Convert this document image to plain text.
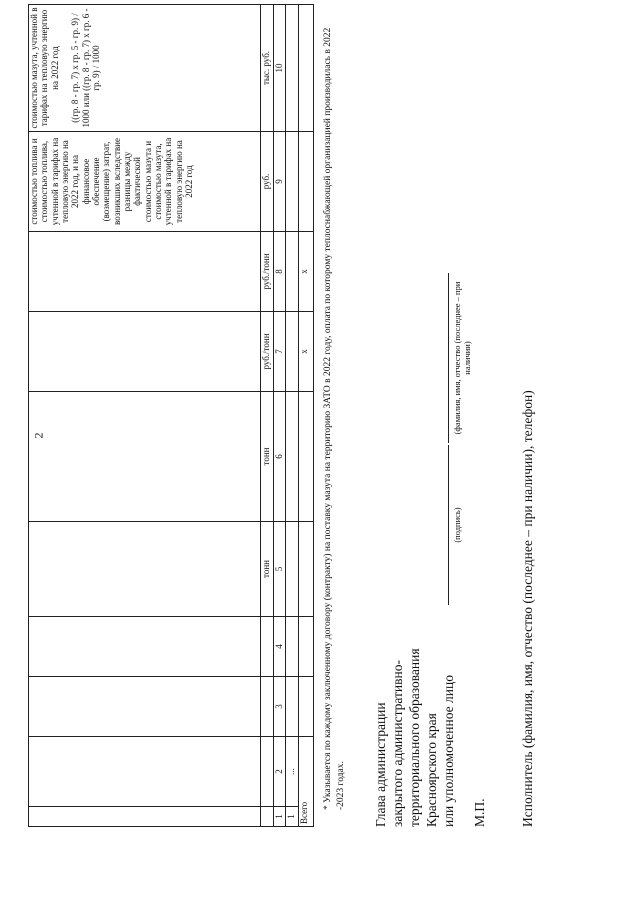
2
								стоимостью топлива и стоимостью топлива, учтенной в тарифах на тепловую энергию на 2022 год, и на финансовое обеспечение (возмещение) затрат, возникших вследствие разницы между фактической стоимостью мазута и стоимостью мазута, учтенной в тарифах на тепловую энергию на 2022 год	стоимостью мазута, учтенной в тарифах на тепловую энергию на 2022 год ((гр. 8 - гр. 7) х гр. 5 - гр. 9) / 1000 или ((гр. 8 - гр. 7) х гр. 6 - гр. 9) / 1000
				тонн	тонн	руб./тонн	руб./тонн	руб.	тыс. руб.
1	2	3	4	5	6	7	8	9	10
1	...								
Всего						x	x		* Указывается по каждому заключенному договору (контракту) на поставку мазута на территорию ЗАТО в 2022 году, оплата по которому теплоснабжающей организацией производилась в 2022 -2023 годах. Глава администрации закрытого административно- территориального образования Красноярского края или уполномоченное лицо
(подпись)
(фамилия, имя, отчество (последнее – при наличии)
М.П. Исполнитель (фамилия, имя, отчество (последнее – при наличии), телефон)
